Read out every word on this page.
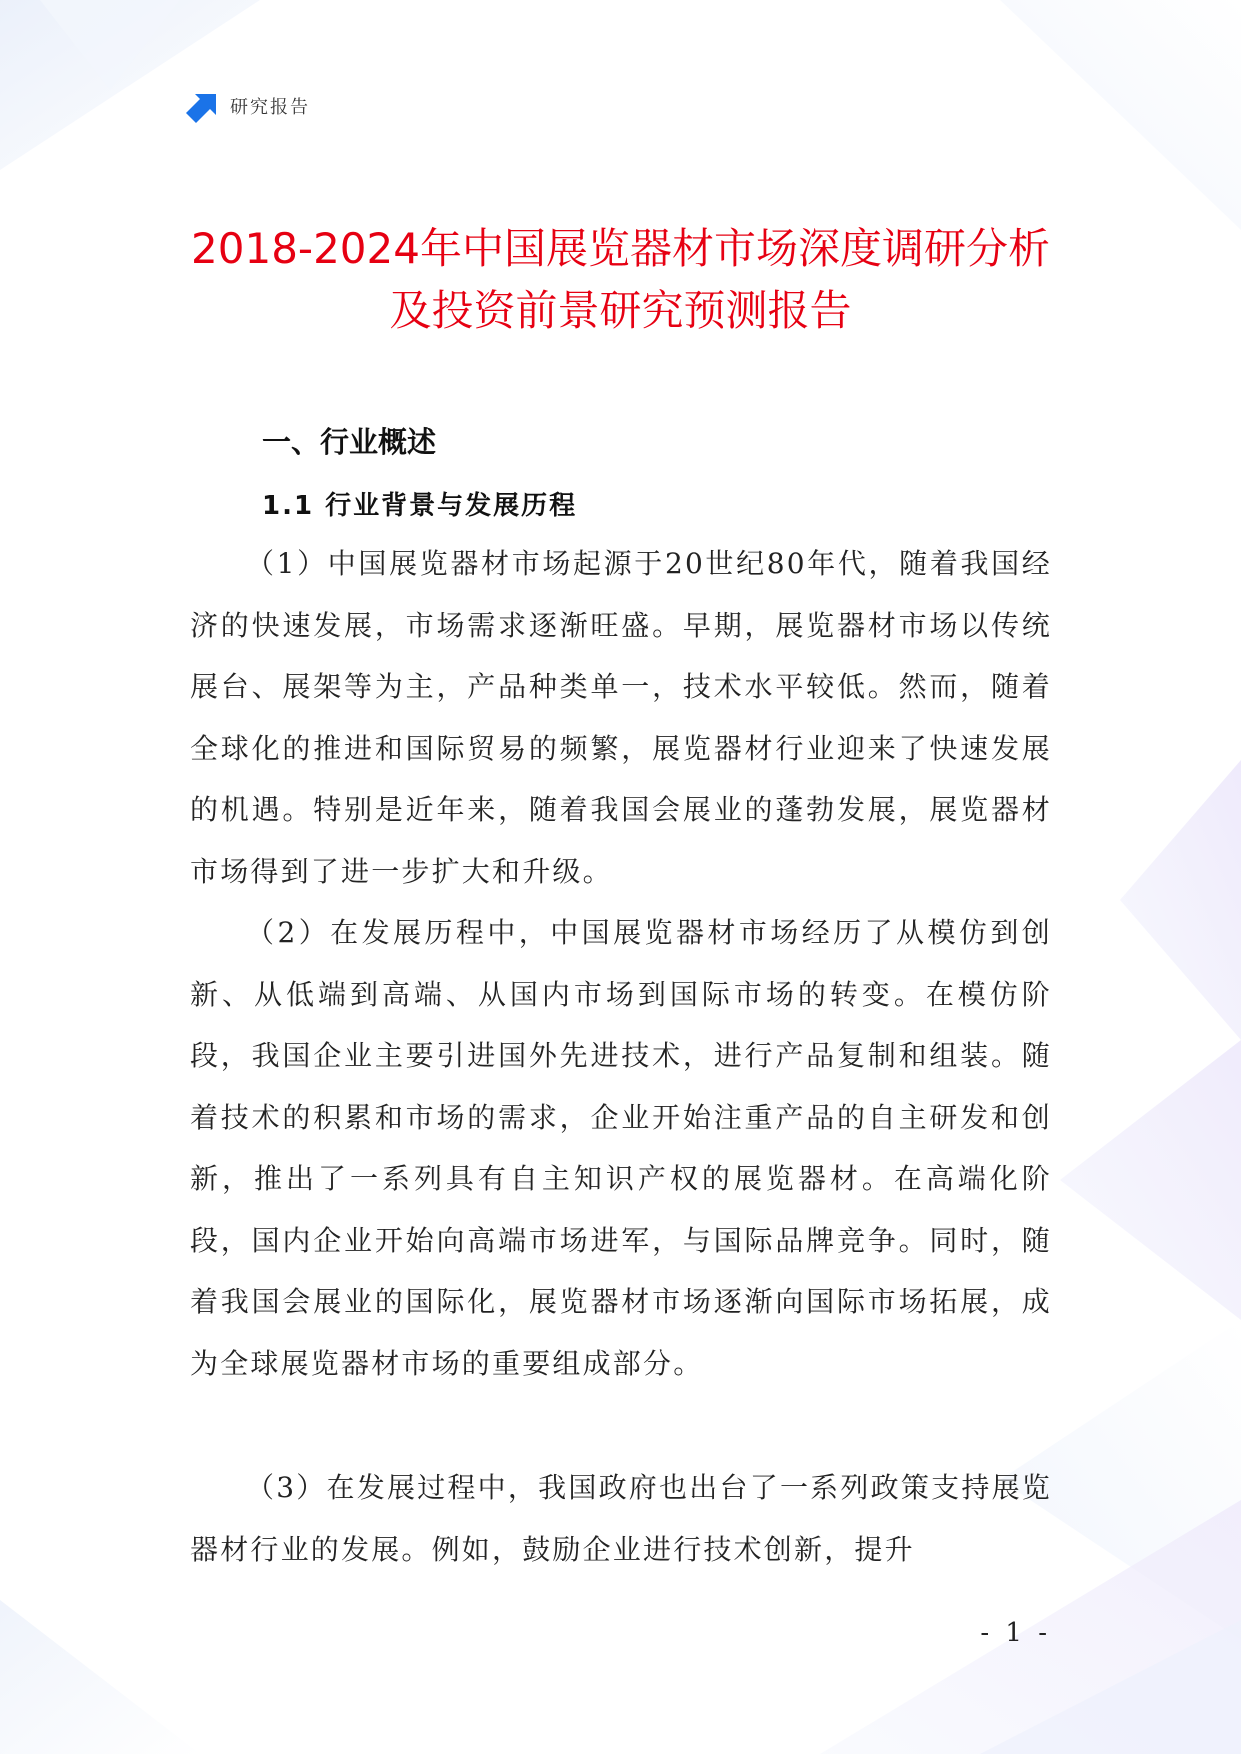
研究报告
2018-2024年中国展览器材市场深度调研分析及投资前景研究预测报告
一、行业概述
1.1 行业背景与发展历程

（1）中国展览器材市场起源于20世纪80年代，随着我国经济的快速发展，市场需求逐渐旺盛。早期，展览器材市场以传统展台、展架等为主，产品种类单一，技术水平较低。然而，随着全球化的推进和国际贸易的频繁，展览器材行业迎来了快速发展的机遇。特别是近年来，随着我国会展业的蓬勃发展，展览器材市场得到了进一步扩大和升级。

（2）在发展历程中，中国展览器材市场经历了从模仿到创新、从低端到高端、从国内市场到国际市场的转变。在模仿阶段，我国企业主要引进国外先进技术，进行产品复制和组装。随着技术的积累和市场的需求，企业开始注重产品的自主研发和创新，推出了一系列具有自主知识产权的展览器材。在高端化阶段，国内企业开始向高端市场进军，与国际品牌竞争。同时，随着我国会展业的国际化，展览器材市场逐渐向国际市场拓展，成为全球展览器材市场的重要组成部分。

（3）在发展过程中，我国政府也出台了一系列政策支持展览器材行业的发展。例如，鼓励企业进行技术创新，提升

- 1 -
